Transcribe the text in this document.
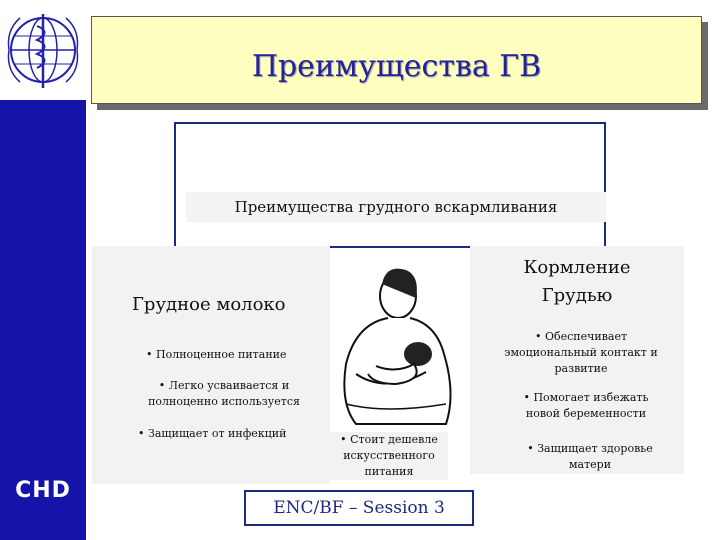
CHD
Преимущества ГВ
Преимущества грудного вскармливания
Грудное молоко
• Полноценное питание
• Легко усваивается и полноценно используется
• Защищает от инфекций
Кормление Грудью
• Обеспечивает эмоциональный контакт и развитие
• Помогает избежать новой беременности
• Защищает здоровье матери
• Стоит дешевле искусственного питания
ENC/BF – Session 3
